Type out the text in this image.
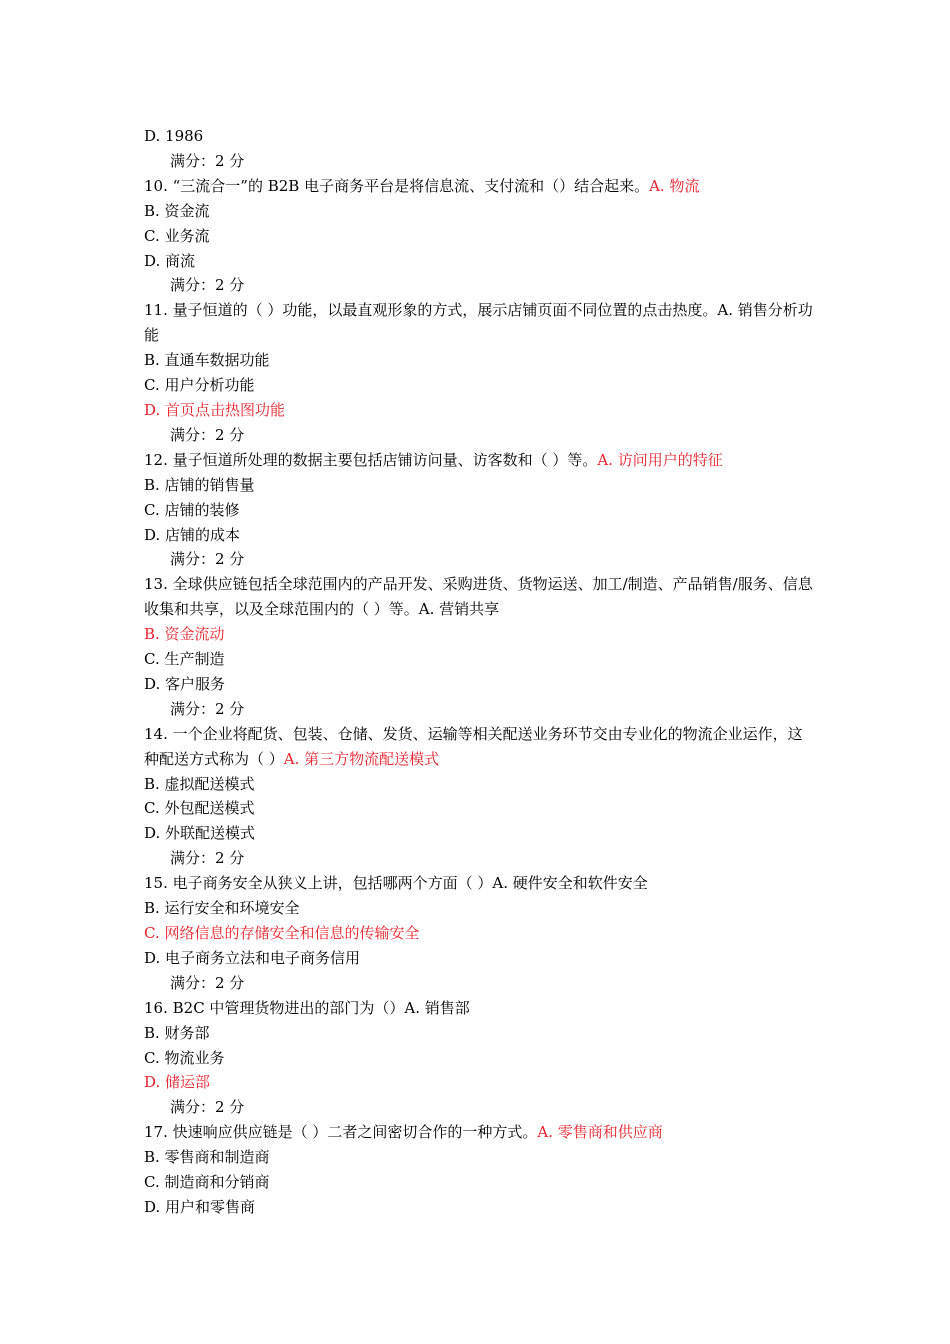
D. 1986
满分：2 分
10. “三流合一”的 B2B 电子商务平台是将信息流、支付流和（）结合起来。A. 物流
B. 资金流
C. 业务流
D. 商流
满分：2 分
11. 量子恒道的（ ）功能，以最直观形象的方式，展示店铺页面不同位置的点击热度。A. 销售分析功能
B. 直通车数据功能
C. 用户分析功能
D. 首页点击热图功能
满分：2 分
12. 量子恒道所处理的数据主要包括店铺访问量、访客数和（ ）等。A. 访问用户的特征
B. 店铺的销售量
C. 店铺的装修
D. 店铺的成本
满分：2 分
13. 全球供应链包括全球范围内的产品开发、采购进货、货物运送、加工/制造、产品销售/服务、信息收集和共享，以及全球范围内的（ ）等。A. 营销共享
B. 资金流动
C. 生产制造
D. 客户服务
满分：2 分
14. 一个企业将配货、包装、仓储、发货、运输等相关配送业务环节交由专业化的物流企业运作，这种配送方式称为（ ）A. 第三方物流配送模式
B. 虚拟配送模式
C. 外包配送模式
D. 外联配送模式
满分：2 分
15. 电子商务安全从狭义上讲，包括哪两个方面（ ）A. 硬件安全和软件安全
B. 运行安全和环境安全
C. 网络信息的存储安全和信息的传输安全
D. 电子商务立法和电子商务信用
满分：2 分
16. B2C 中管理货物进出的部门为（）A. 销售部
B. 财务部
C. 物流业务
D. 储运部
满分：2 分
17. 快速响应供应链是（ ）二者之间密切合作的一种方式。A. 零售商和供应商
B. 零售商和制造商
C. 制造商和分销商
D. 用户和零售商
